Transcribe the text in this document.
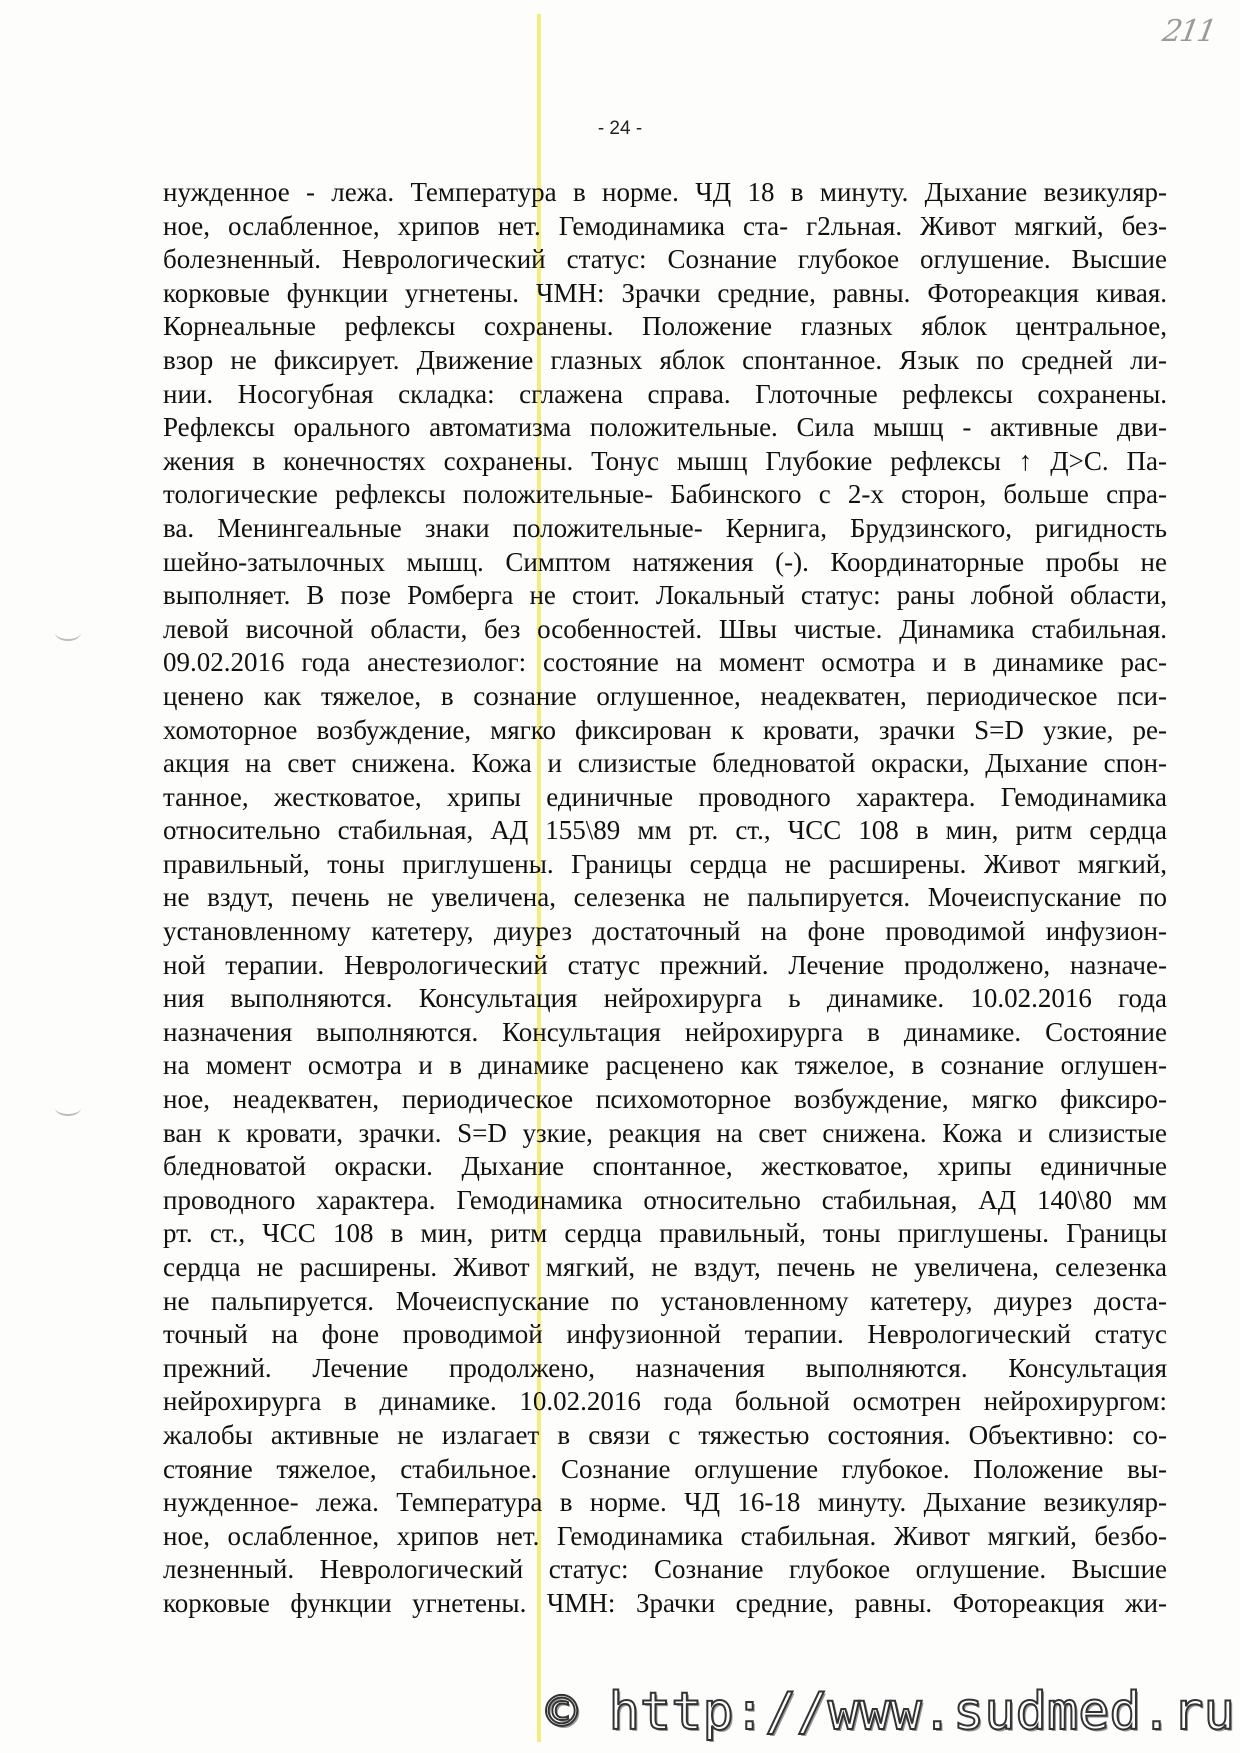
211
- 24 -
нужденное - лежа. Температура в норме. ЧД 18 в минуту. Дыхание везикуляр-
ное, ослабленное, хрипов нет. Гемодинамика ста- г2льная. Живот мягкий, без-
болезненный. Неврологический статус: Сознание глубокое оглушение. Высшие
корковые функции угнетены. ЧМН: Зрачки средние, равны. Фотореакция кивая.
Корнеальные рефлексы сохранены. Положение глазных яблок центральное,
взор не фиксирует. Движение глазных яблок спонтанное. Язык по средней ли-
нии. Носогубная складка: сглажена справа. Глоточные рефлексы сохранены.
Рефлексы орального автоматизма положительные. Сила мышц - активные дви-
жения в конечностях сохранены. Тонус мышц Глубокие рефлексы ↑ Д>С. Па-
тологические рефлексы положительные- Бабинского с 2-х сторон, больше спра-
ва. Менингеальные знаки положительные- Кернига, Брудзинского, ригидность
шейно-затылочных мышц. Симптом натяжения (-). Координаторные пробы не
выполняет. В позе Ромберга не стоит. Локальный статус: раны лобной области,
левой височной области, без особенностей. Швы чистые. Динамика стабильная.
09.02.2016 года анестезиолог: состояние на момент осмотра и в динамике рас-
ценено как тяжелое, в сознание оглушенное, неадекватен, периодическое пси-
хомоторное возбуждение, мягко фиксирован к кровати, зрачки S=D узкие, ре-
акция на свет снижена. Кожа и слизистые бледноватой окраски, Дыхание спон-
танное, жестковатое, хрипы единичные проводного характера. Гемодинамика
относительно стабильная, АД 155\89 мм рт. ст., ЧСС 108 в мин, ритм сердца
правильный, тоны приглушены. Границы сердца не расширены. Живот мягкий,
не вздут, печень не увеличена, селезенка не пальпируется. Мочеиспускание по
установленному катетеру, диурез достаточный на фоне проводимой инфузион-
ной терапии. Неврологический статус прежний. Лечение продолжено, назначе-
ния выполняются. Консультация нейрохирурга ь динамике. 10.02.2016 года
назначения выполняются. Консультация нейрохирурга в динамике. Состояние
на момент осмотра и в динамике расценено как тяжелое, в сознание оглушен-
ное, неадекватен, периодическое психомоторное возбуждение, мягко фиксиро-
ван к кровати, зрачки. S=D узкие, реакция на свет снижена. Кожа и слизистые
бледноватой окраски. Дыхание спонтанное, жестковатое, хрипы единичные
проводного характера. Гемодинамика относительно стабильная, АД 140\80 мм
рт. ст., ЧСС 108 в мин, ритм сердца правильный, тоны приглушены. Границы
сердца не расширены. Живот мягкий, не вздут, печень не увеличена, селезенка
не пальпируется. Мочеиспускание по установленному катетеру, диурез доста-
точный на фоне проводимой инфузионной терапии. Неврологический статус
прежний. Лечение продолжено, назначения выполняются. Консультация
нейрохирурга в динамике. 10.02.2016 года больной осмотрен нейрохирургом:
жалобы активные не излагает в связи с тяжестью состояния. Объективно: со-
стояние тяжелое, стабильное. Сознание оглушение глубокое. Положение вы-
нужденное- лежа. Температура в норме. ЧД 16-18 минуту. Дыхание везикуляр-
ное, ослабленное, хрипов нет. Гемодинамика стабильная. Живот мягкий, безбо-
лезненный. Неврологический статус: Сознание глубокое оглушение. Высшие
корковые функции угнетены. ЧМН: Зрачки средние, равны. Фотореакция жи-
© http://www.sudmed.ru
